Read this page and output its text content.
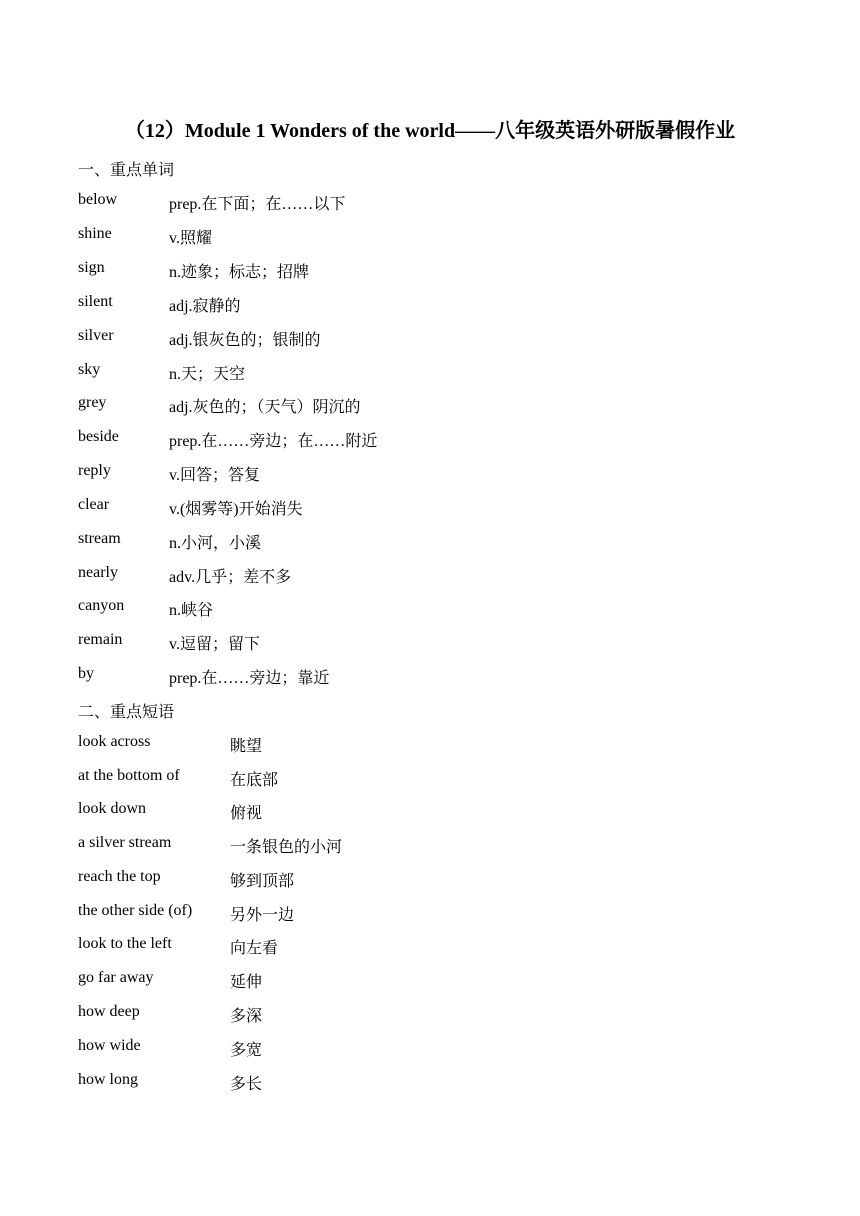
（12）Module 1 Wonders of the world——八年级英语外研版暑假作业
一、重点单词
below	prep.在下面；在……以下
shine	v.照耀
sign	n.迹象；标志；招牌
silent	adj.寂静的
silver	adj.银灰色的；银制的
sky	n.天；天空
grey	adj.灰色的；（天气）阴沉的
beside	prep.在……旁边；在……附近
reply	v.回答；答复
clear	v.(烟雾等)开始消失
stream	n.小河，小溪
nearly	adv.几乎；差不多
canyon	n.峡谷
remain	v.逗留；留下
by	prep.在……旁边；靠近
二、重点短语
look across	眺望
at the bottom of	在底部
look down	俯视
a silver stream	一条银色的小河
reach the top	够到顶部
the other side (of) 另外一边
look to the left	向左看
go far away	延伸
how deep	多深
how wide	多宽
how long	多长
